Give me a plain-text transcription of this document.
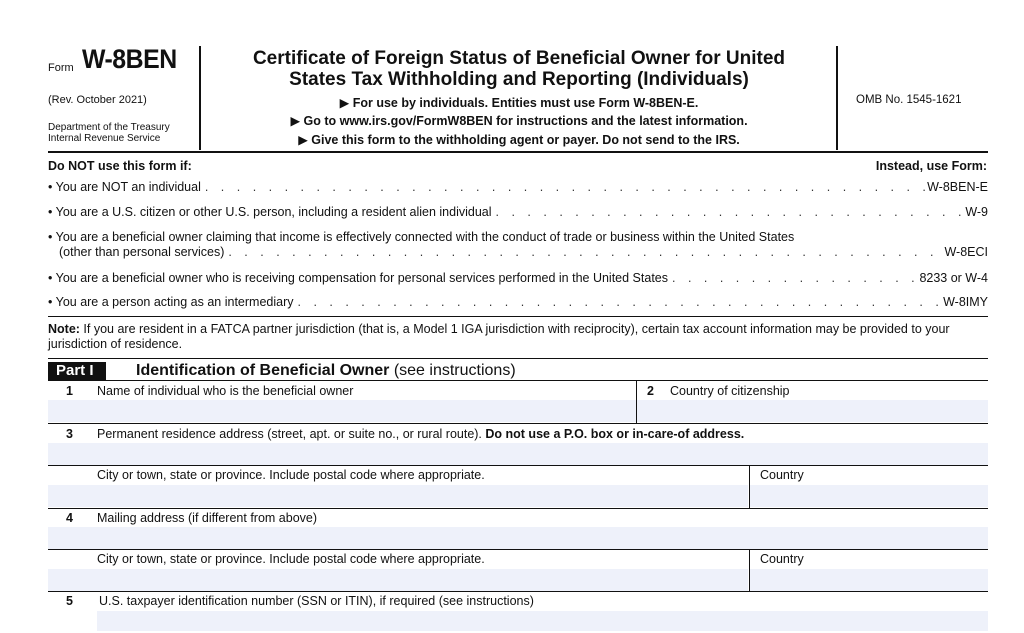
Form W-8BEN
(Rev. October 2021)
Department of the Treasury
Internal Revenue Service
Certificate of Foreign Status of Beneficial Owner for United
States Tax Withholding and Reporting (Individuals)
▶ For use by individuals. Entities must use Form W-8BEN-E.
▶ Go to www.irs.gov/FormW8BEN for instructions and the latest information.
▶ Give this form to the withholding agent or payer. Do not send to the IRS.
OMB No. 1545-1621
Do NOT use this form if:	Instead, use Form:
• You are NOT an individual . . .	W-8BEN-E
• You are a U.S. citizen or other U.S. person, including a resident alien individual . . .	W-9
• You are a beneficial owner claiming that income is effectively connected with the conduct of trade or business within the United States
(other than personal services) . . .	W-8ECI
• You are a beneficial owner who is receiving compensation for personal services performed in the United States . . .	8233 or W-4
• You are a person acting as an intermediary . . .	W-8IMY
Note: If you are resident in a FATCA partner jurisdiction (that is, a Model 1 IGA jurisdiction with reciprocity), certain tax account information may be provided to your jurisdiction of residence.
Part I	Identification of Beneficial Owner (see instructions)
1 Name of individual who is the beneficial owner	2 Country of citizenship
3 Permanent residence address (street, apt. or suite no., or rural route). Do not use a P.O. box or in-care-of address.
City or town, state or province. Include postal code where appropriate.	Country
4 Mailing address (if different from above)
City or town, state or province. Include postal code where appropriate.	Country
5 U.S. taxpayer identification number (SSN or ITIN), if required (see instructions)
